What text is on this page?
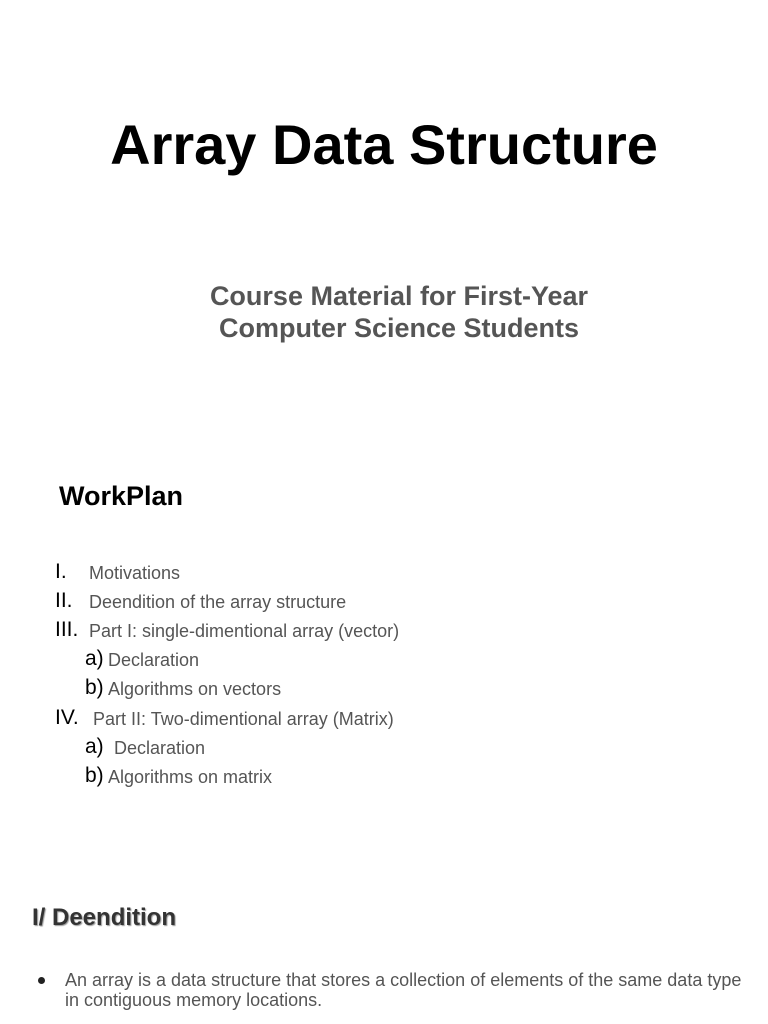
Array Data Structure
Course Material for First-Year
Computer Science Students
WorkPlan
I. Motivations
II. Deendition of the array structure
III. Part I: single-dimentional array (vector)
a) Declaration
b) Algorithms on vectors
IV. Part II: Two-dimentional array (Matrix)
a) Declaration
b) Algorithms on matrix
I/ Deendition

An array is a data structure that stores a collection of elements of the same data type in contiguous memory locations.
